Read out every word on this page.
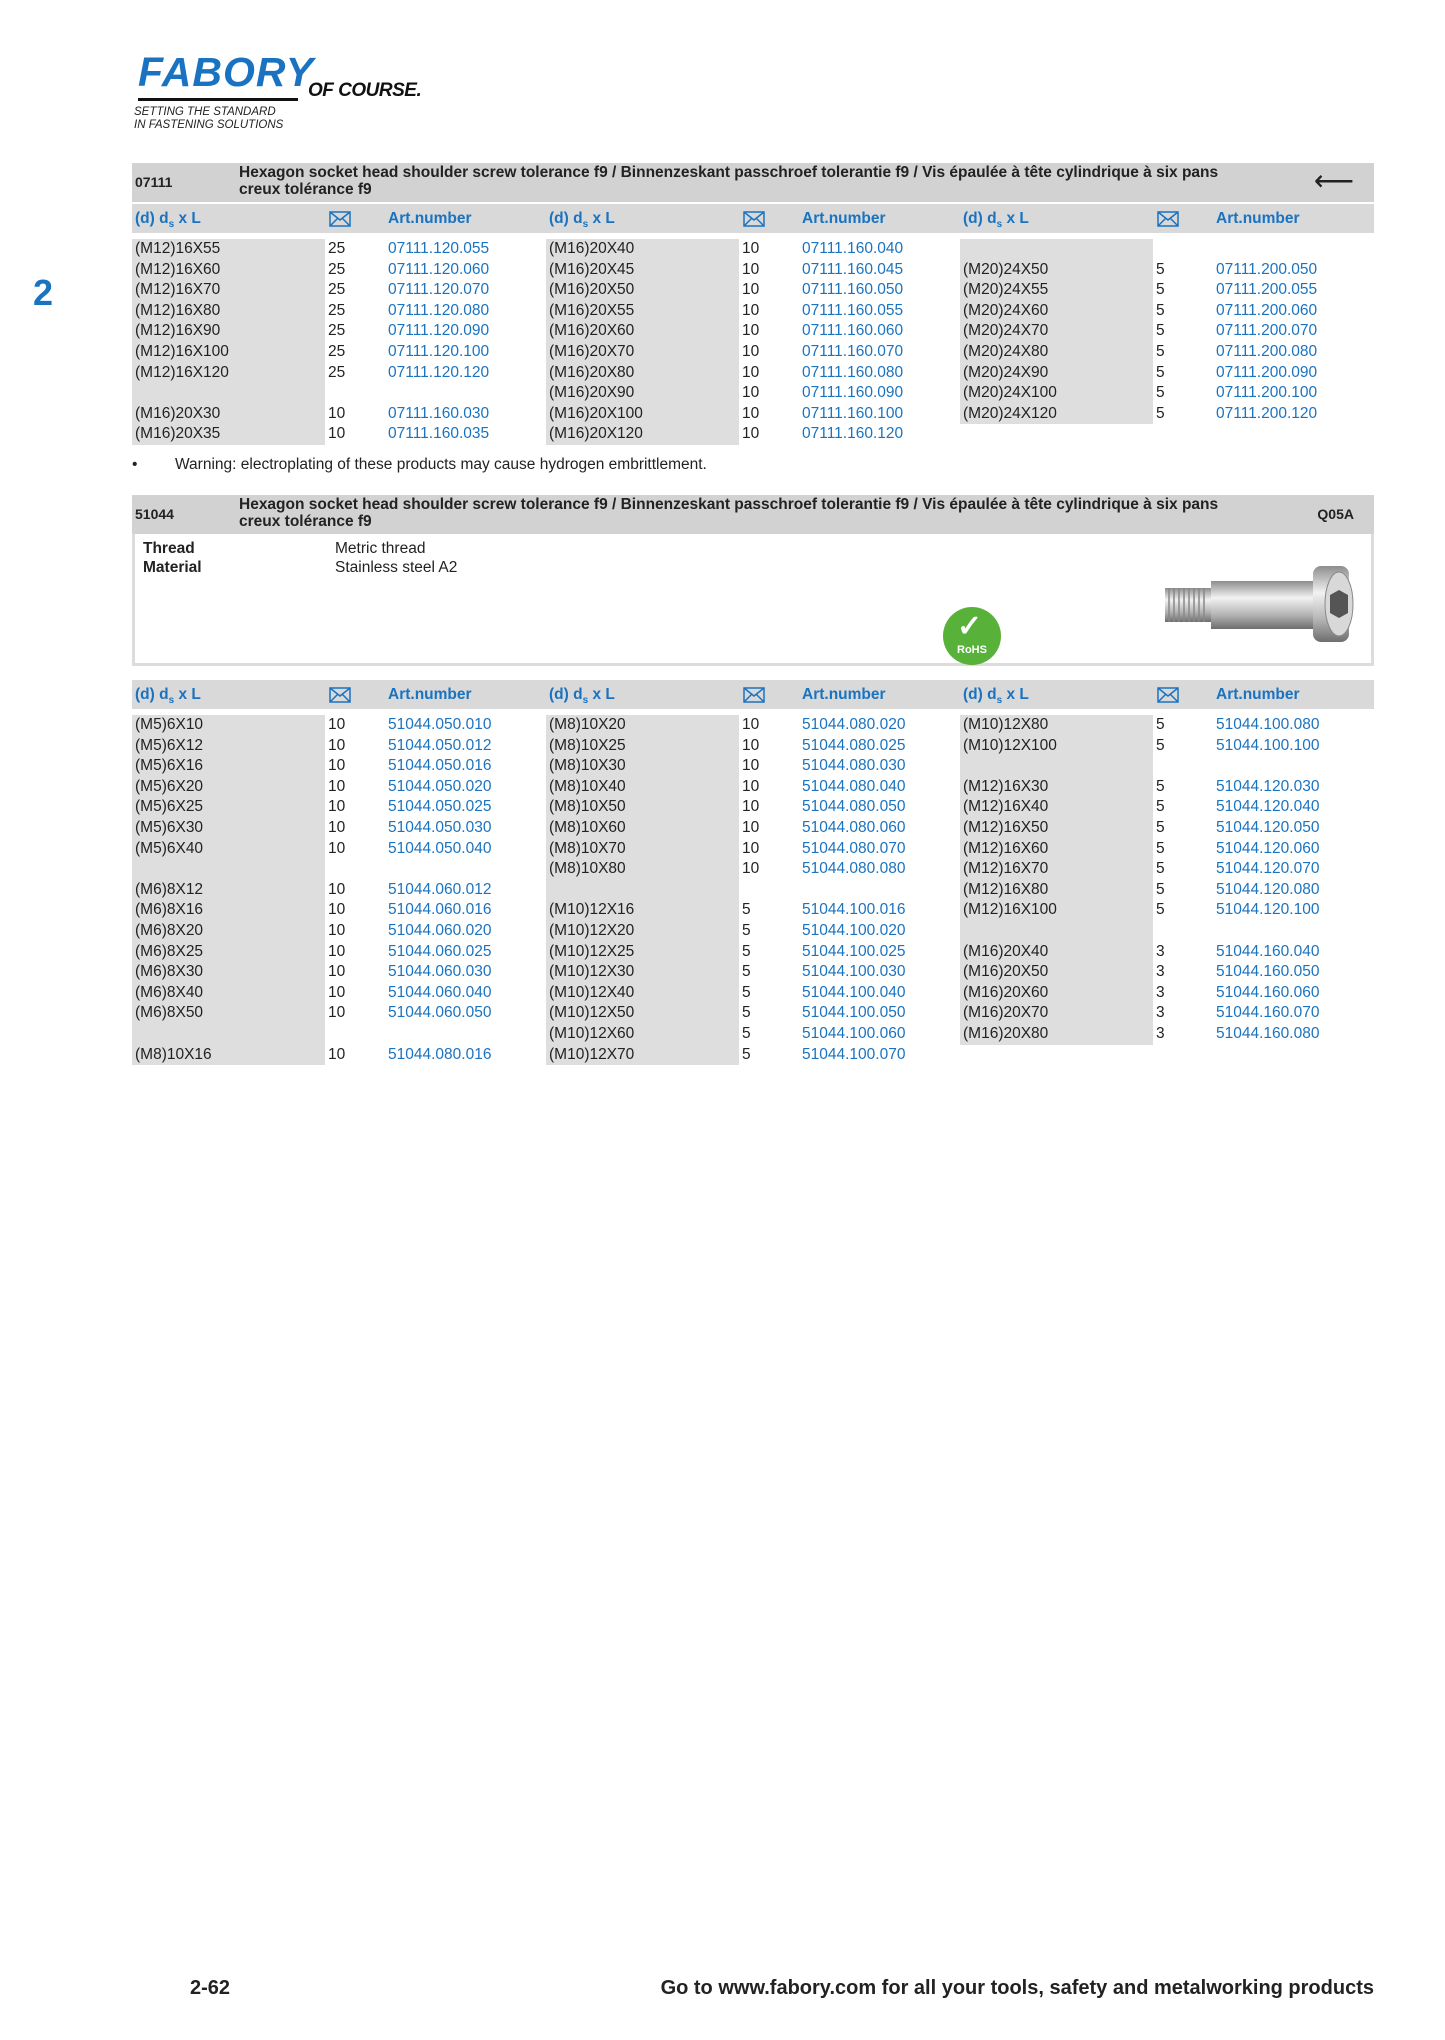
FABORY
OF COURSE.
SETTING THE STANDARD
IN FASTENING SOLUTIONS
2
07111
Hexagon socket head shoulder screw tolerance f9 / Binnenzeskant passchroef tolerantie f9 / Vis épaulée à tête cylindrique à six pans creux tolérance f9	⟵
(d) $d_s$ x L	Art.number	(d) $d_s$ x L	Art.number	(d) $d_s$ x L	Art.number
(M12)16X55	25	07111.120.055
(M12)16X60	25	07111.120.060
(M12)16X70	25	07111.120.070
(M12)16X80	25	07111.120.080
(M12)16X90	25	07111.120.090
(M12)16X100	25	07111.120.100
(M12)16X120	25	07111.120.120
(M16)20X30	10	07111.160.030
(M16)20X35	10	07111.160.035
(M16)20X40	10	07111.160.040
(M16)20X45	10	07111.160.045
(M16)20X50	10	07111.160.050
(M16)20X55	10	07111.160.055
(M16)20X60	10	07111.160.060
(M16)20X70	10	07111.160.070
(M16)20X80	10	07111.160.080
(M16)20X90	10	07111.160.090
(M16)20X100	10	07111.160.100
(M16)20X120	10	07111.160.120
(M20)24X50	5	07111.200.050
(M20)24X55	5	07111.200.055
(M20)24X60	5	07111.200.060
(M20)24X70	5	07111.200.070
(M20)24X80	5	07111.200.080
(M20)24X90	5	07111.200.090
(M20)24X100	5	07111.200.100
(M20)24X120	5	07111.200.120
• Warning: electroplating of these products may cause hydrogen embrittlement.
51044
Hexagon socket head shoulder screw tolerance f9 / Binnenzeskant passchroef tolerantie f9 / Vis épaulée à tête cylindrique à six pans creux tolérance f9	Q05A
Thread	Metric thread
Material	Stainless steel A2
✓
RoHS
(d) $d_s$ x L	Art.number	(d) $d_s$ x L	Art.number	(d) $d_s$ x L	Art.number
(M5)6X10	10	51044.050.010
(M5)6X12	10	51044.050.012
(M5)6X16	10	51044.050.016
(M5)6X20	10	51044.050.020
(M5)6X25	10	51044.050.025
(M5)6X30	10	51044.050.030
(M5)6X40	10	51044.050.040
(M6)8X12	10	51044.060.012
(M6)8X16	10	51044.060.016
(M6)8X20	10	51044.060.020
(M6)8X25	10	51044.060.025
(M6)8X30	10	51044.060.030
(M6)8X40	10	51044.060.040
(M6)8X50	10	51044.060.050
(M8)10X16	10	51044.080.016
(M8)10X20	10	51044.080.020
(M8)10X25	10	51044.080.025
(M8)10X30	10	51044.080.030
(M8)10X40	10	51044.080.040
(M8)10X50	10	51044.080.050
(M8)10X60	10	51044.080.060
(M8)10X70	10	51044.080.070
(M8)10X80	10	51044.080.080
(M10)12X16	5	51044.100.016
(M10)12X20	5	51044.100.020
(M10)12X25	5	51044.100.025
(M10)12X30	5	51044.100.030
(M10)12X40	5	51044.100.040
(M10)12X50	5	51044.100.050
(M10)12X60	5	51044.100.060
(M10)12X70	5	51044.100.070
(M10)12X80	5	51044.100.080
(M10)12X100	5	51044.100.100
(M12)16X30	5	51044.120.030
(M12)16X40	5	51044.120.040
(M12)16X50	5	51044.120.050
(M12)16X60	5	51044.120.060
(M12)16X70	5	51044.120.070
(M12)16X80	5	51044.120.080
(M12)16X100	5	51044.120.100
(M16)20X40	3	51044.160.040
(M16)20X50	3	51044.160.050
(M16)20X60	3	51044.160.060
(M16)20X70	3	51044.160.070
(M16)20X80	3	51044.160.080
2-62	Go to www.fabory.com for all your tools, safety and metalworking products
